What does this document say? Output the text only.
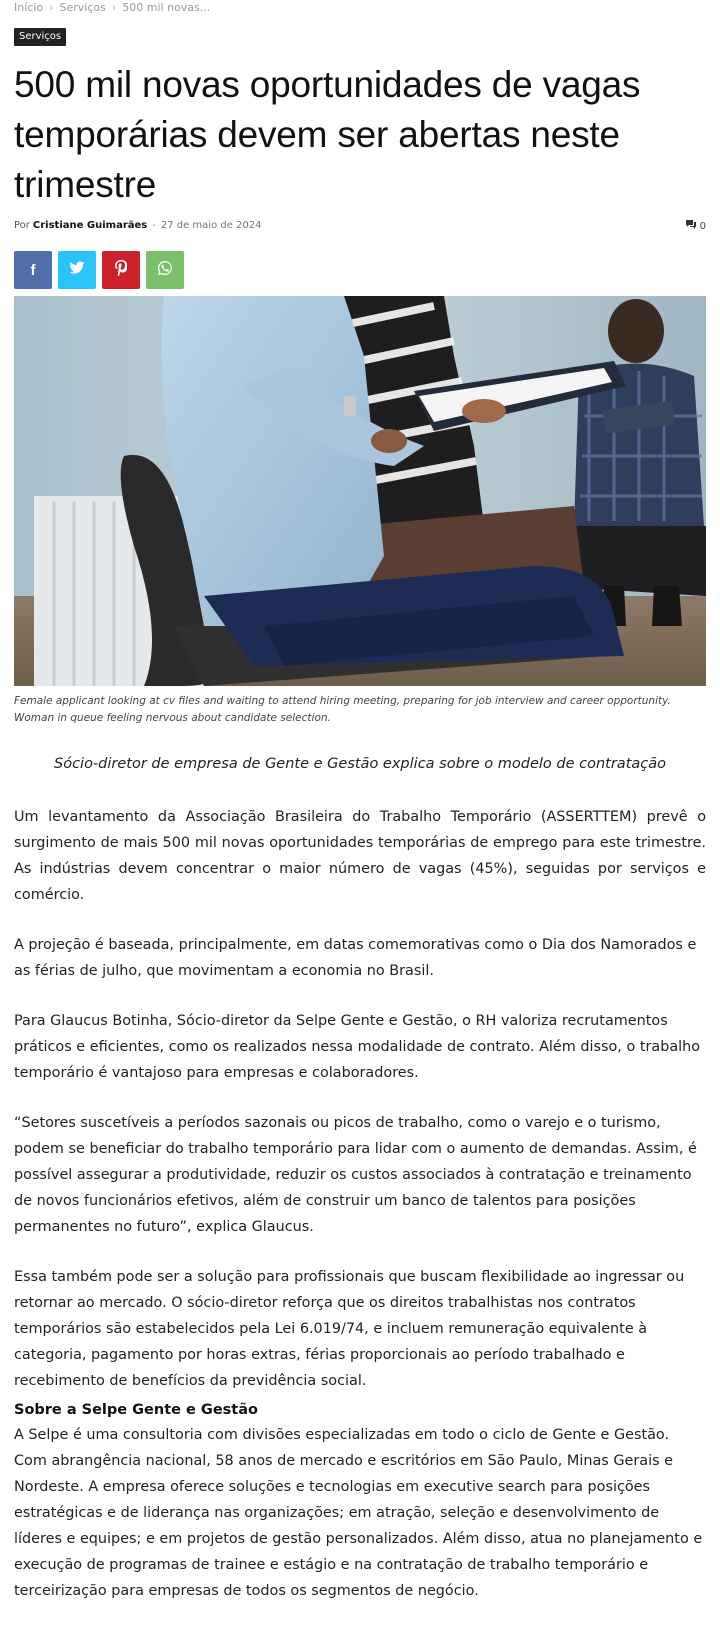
Início › Serviços › 500 mil novas...
Serviços
500 mil novas oportunidades de vagas temporárias devem ser abertas neste trimestre
Por Cristiane Guimarães - 27 de maio de 2024	0
f
Female applicant looking at cv files and waiting to attend hiring meeting, preparing for job interview and career opportunity. Woman in queue feeling nervous about candidate selection.
Sócio-diretor de empresa de Gente e Gestão explica sobre o modelo de contratação

Um levantamento da Associação Brasileira do Trabalho Temporário (ASSERTTEM) prevê o surgimento de mais 500 mil novas oportunidades temporárias de emprego para este trimestre. As indústrias devem concentrar o maior número de vagas (45%), seguidas por serviços e comércio.

A projeção é baseada, principalmente, em datas comemorativas como o Dia dos Namorados e as férias de julho, que movimentam a economia no Brasil.

Para Glaucus Botinha, Sócio-diretor da Selpe Gente e Gestão, o RH valoriza recrutamentos práticos e eficientes, como os realizados nessa modalidade de contrato. Além disso, o trabalho temporário é vantajoso para empresas e colaboradores.

“Setores suscetíveis a períodos sazonais ou picos de trabalho, como o varejo e o turismo, podem se beneficiar do trabalho temporário para lidar com o aumento de demandas. Assim, é possível assegurar a produtividade, reduzir os custos associados à contratação e treinamento de novos funcionários efetivos, além de construir um banco de talentos para posições permanentes no futuro”, explica Glaucus.

Essa também pode ser a solução para profissionais que buscam flexibilidade ao ingressar ou retornar ao mercado. O sócio-diretor reforça que os direitos trabalhistas nos contratos temporários são estabelecidos pela Lei 6.019/74, e incluem remuneração equivalente à categoria, pagamento por horas extras, férias proporcionais ao período trabalhado e recebimento de benefícios da previdência social.

Sobre a Selpe Gente e Gestão

A Selpe é uma consultoria com divisões especializadas em todo o ciclo de Gente e Gestão. Com abrangência nacional, 58 anos de mercado e escritórios em São Paulo, Minas Gerais e Nordeste. A empresa oferece soluções e tecnologias em executive search para posições estratégicas e de liderança nas organizações; em atração, seleção e desenvolvimento de líderes e equipes; e em projetos de gestão personalizados. Além disso, atua no planejamento e execução de programas de trainee e estágio e na contratação de trabalho temporário e terceirização para empresas de todos os segmentos de negócio.
